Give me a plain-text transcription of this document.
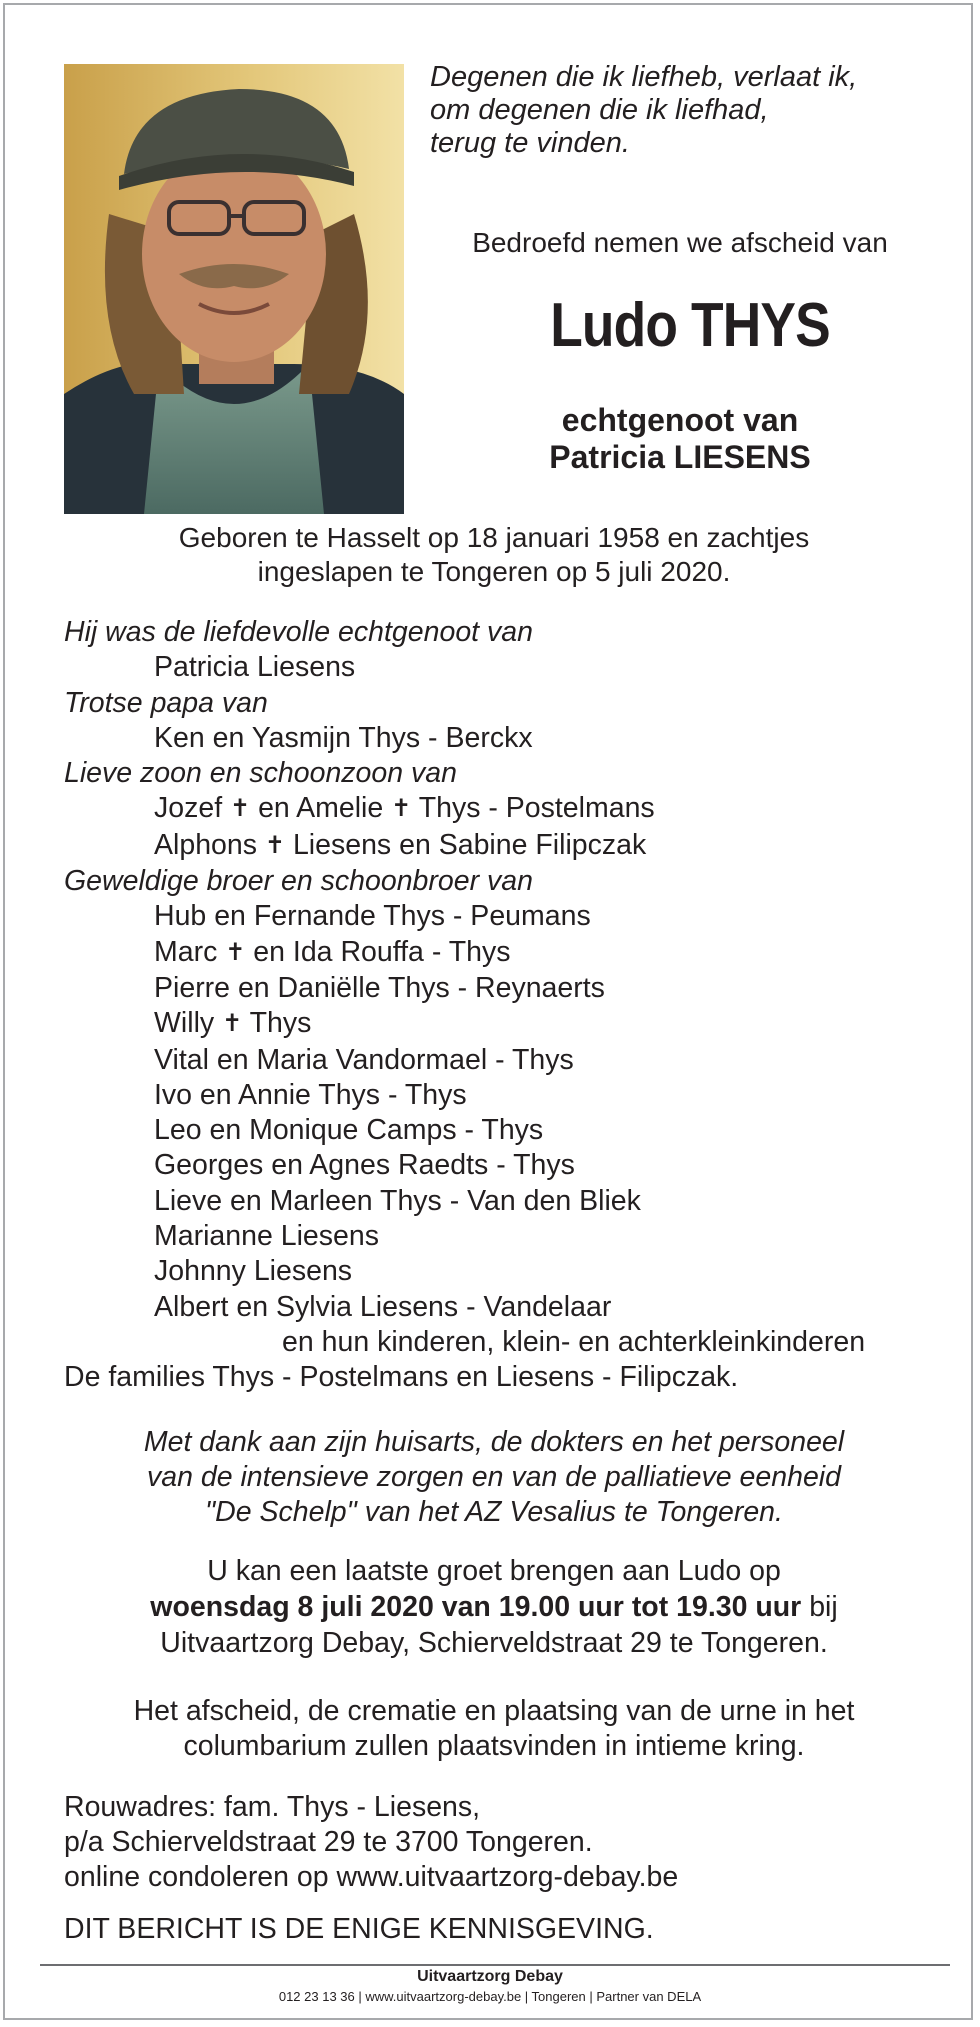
Degenen die ik liefheb, verlaat ik,
om degenen die ik liefhad,
terug te vinden.
Bedroefd nemen we afscheid van
Ludo THYS
echtgenoot van
Patricia LIESENS
Geboren te Hasselt op 18 januari 1958 en zachtjes
ingeslapen te Tongeren op 5 juli 2020.
Hij was de liefdevolle echtgenoot van
Patricia Liesens
Trotse papa van
Ken en Yasmijn Thys - Berckx
Lieve zoon en schoonzoon van
Jozef ✝ en Amelie ✝ Thys - Postelmans
Alphons ✝ Liesens en Sabine Filipczak
Geweldige broer en schoonbroer van
Hub en Fernande Thys - Peumans
Marc ✝ en Ida Rouffa - Thys
Pierre en Daniëlle Thys - Reynaerts
Willy ✝ Thys
Vital en Maria Vandormael - Thys
Ivo en Annie Thys - Thys
Leo en Monique Camps - Thys
Georges en Agnes Raedts - Thys
Lieve en Marleen Thys - Van den Bliek
Marianne Liesens
Johnny Liesens
Albert en Sylvia Liesens - Vandelaar
en hun kinderen, klein- en achterkleinkinderen
De families Thys - Postelmans en Liesens - Filipczak.
Met dank aan zijn huisarts, de dokters en het personeel
van de intensieve zorgen en van de palliatieve eenheid
"De Schelp" van het AZ Vesalius te Tongeren.
U kan een laatste groet brengen aan Ludo op
woensdag 8 juli 2020 van 19.00 uur tot 19.30 uur bij
Uitvaartzorg Debay, Schierveldstraat 29 te Tongeren.
Het afscheid, de crematie en plaatsing van de urne in het
columbarium zullen plaatsvinden in intieme kring.
Rouwadres: fam. Thys - Liesens,
p/a Schierveldstraat 29 te 3700 Tongeren.
online condoleren op www.uitvaartzorg-debay.be
DIT BERICHT IS DE ENIGE KENNISGEVING.
Uitvaartzorg Debay
012 23 13 36 | www.uitvaartzorg-debay.be | Tongeren | Partner van DELA
